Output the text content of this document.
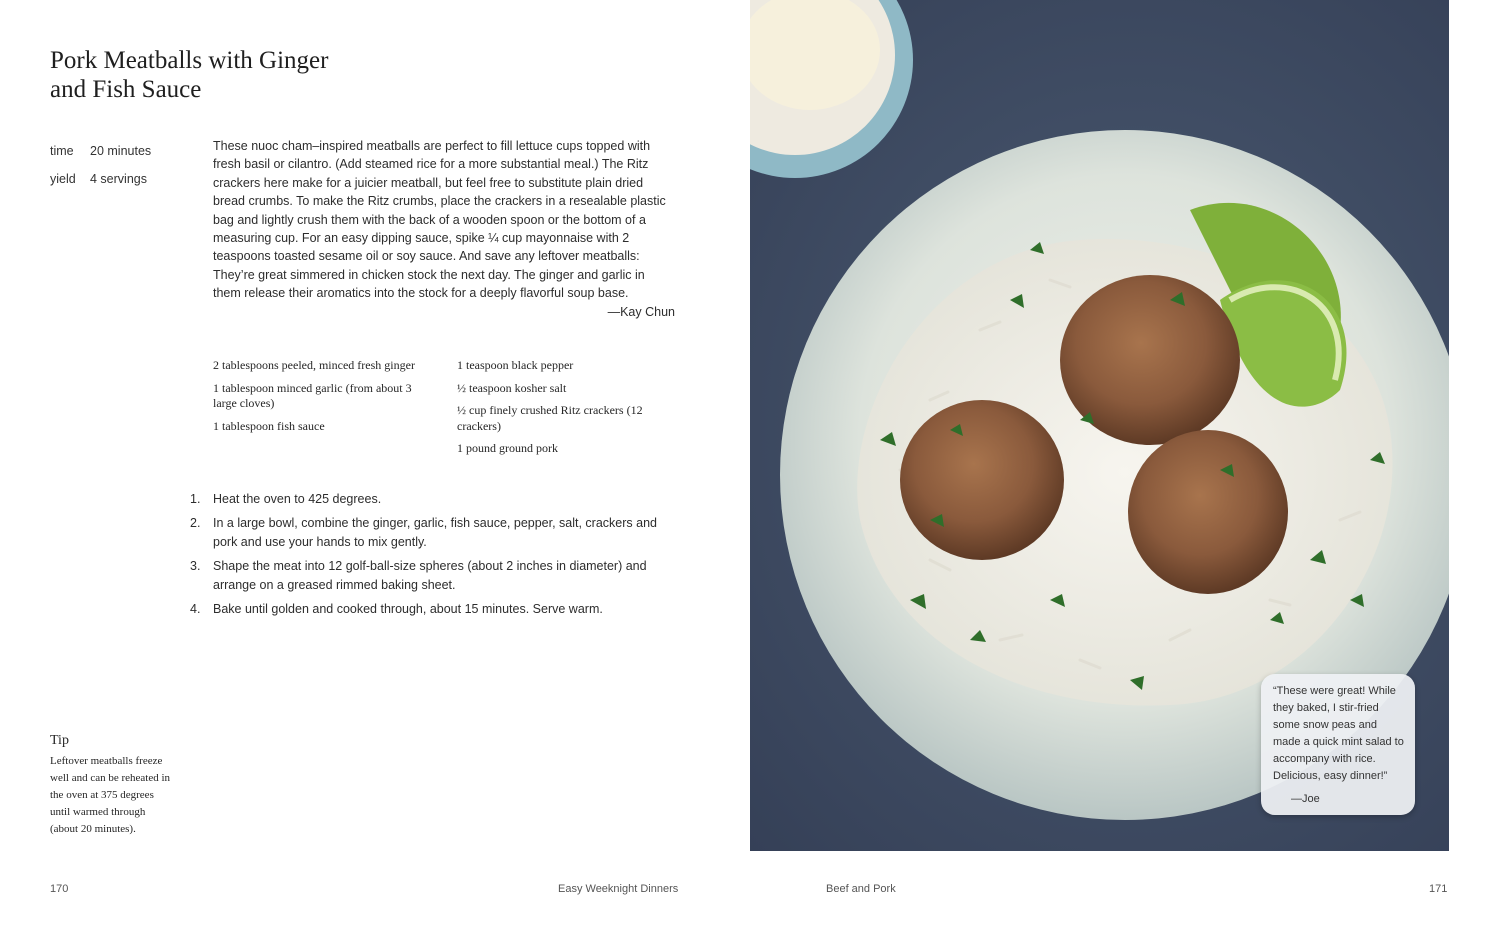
Pork Meatballs with Ginger and Fish Sauce
time	20 minutes
yield	4 servings

These nuoc cham–inspired meatballs are perfect to fill lettuce cups topped with fresh basil or cilantro. (Add steamed rice for a more substantial meal.) The Ritz crackers here make for a juicier meatball, but feel free to substitute plain dried bread crumbs. To make the Ritz crumbs, place the crackers in a resealable plastic bag and lightly crush them with the back of a wooden spoon or the bottom of a measuring cup. For an easy dipping sauce, spike ¼ cup mayonnaise with 2 teaspoons toasted sesame oil or soy sauce. And save any leftover meatballs: They’re great simmered in chicken stock the next day. The ginger and garlic in them release their aromatics into the stock for a deeply flavorful soup base.

—Kay Chun

2 tablespoons peeled, minced fresh ginger

1 tablespoon minced garlic (from about 3 large cloves)

1 tablespoon fish sauce

1 teaspoon black pepper

½ teaspoon kosher salt

½ cup finely crushed Ritz crackers (12 crackers)

1 pound ground pork

1.	Heat the oven to 425 degrees.
2.	In a large bowl, combine the ginger, garlic, fish sauce, pepper, salt, crackers and pork and use your hands to mix gently.
3.	Shape the meat into 12 golf-ball-size spheres (about 2 inches in diameter) and arrange on a greased rimmed baking sheet.
4.	Bake until golden and cooked through, about 15 minutes. Serve warm.

Tip

Leftover meatballs freeze well and can be reheated in the oven at 375 degrees until warmed through (about 20 minutes).

170	Easy Weeknight Dinners	Beef and Pork	171

“These were great! While they baked, I stir-fried some snow peas and made a quick mint salad to accompany with rice. Delicious, easy dinner!”

—Joe
